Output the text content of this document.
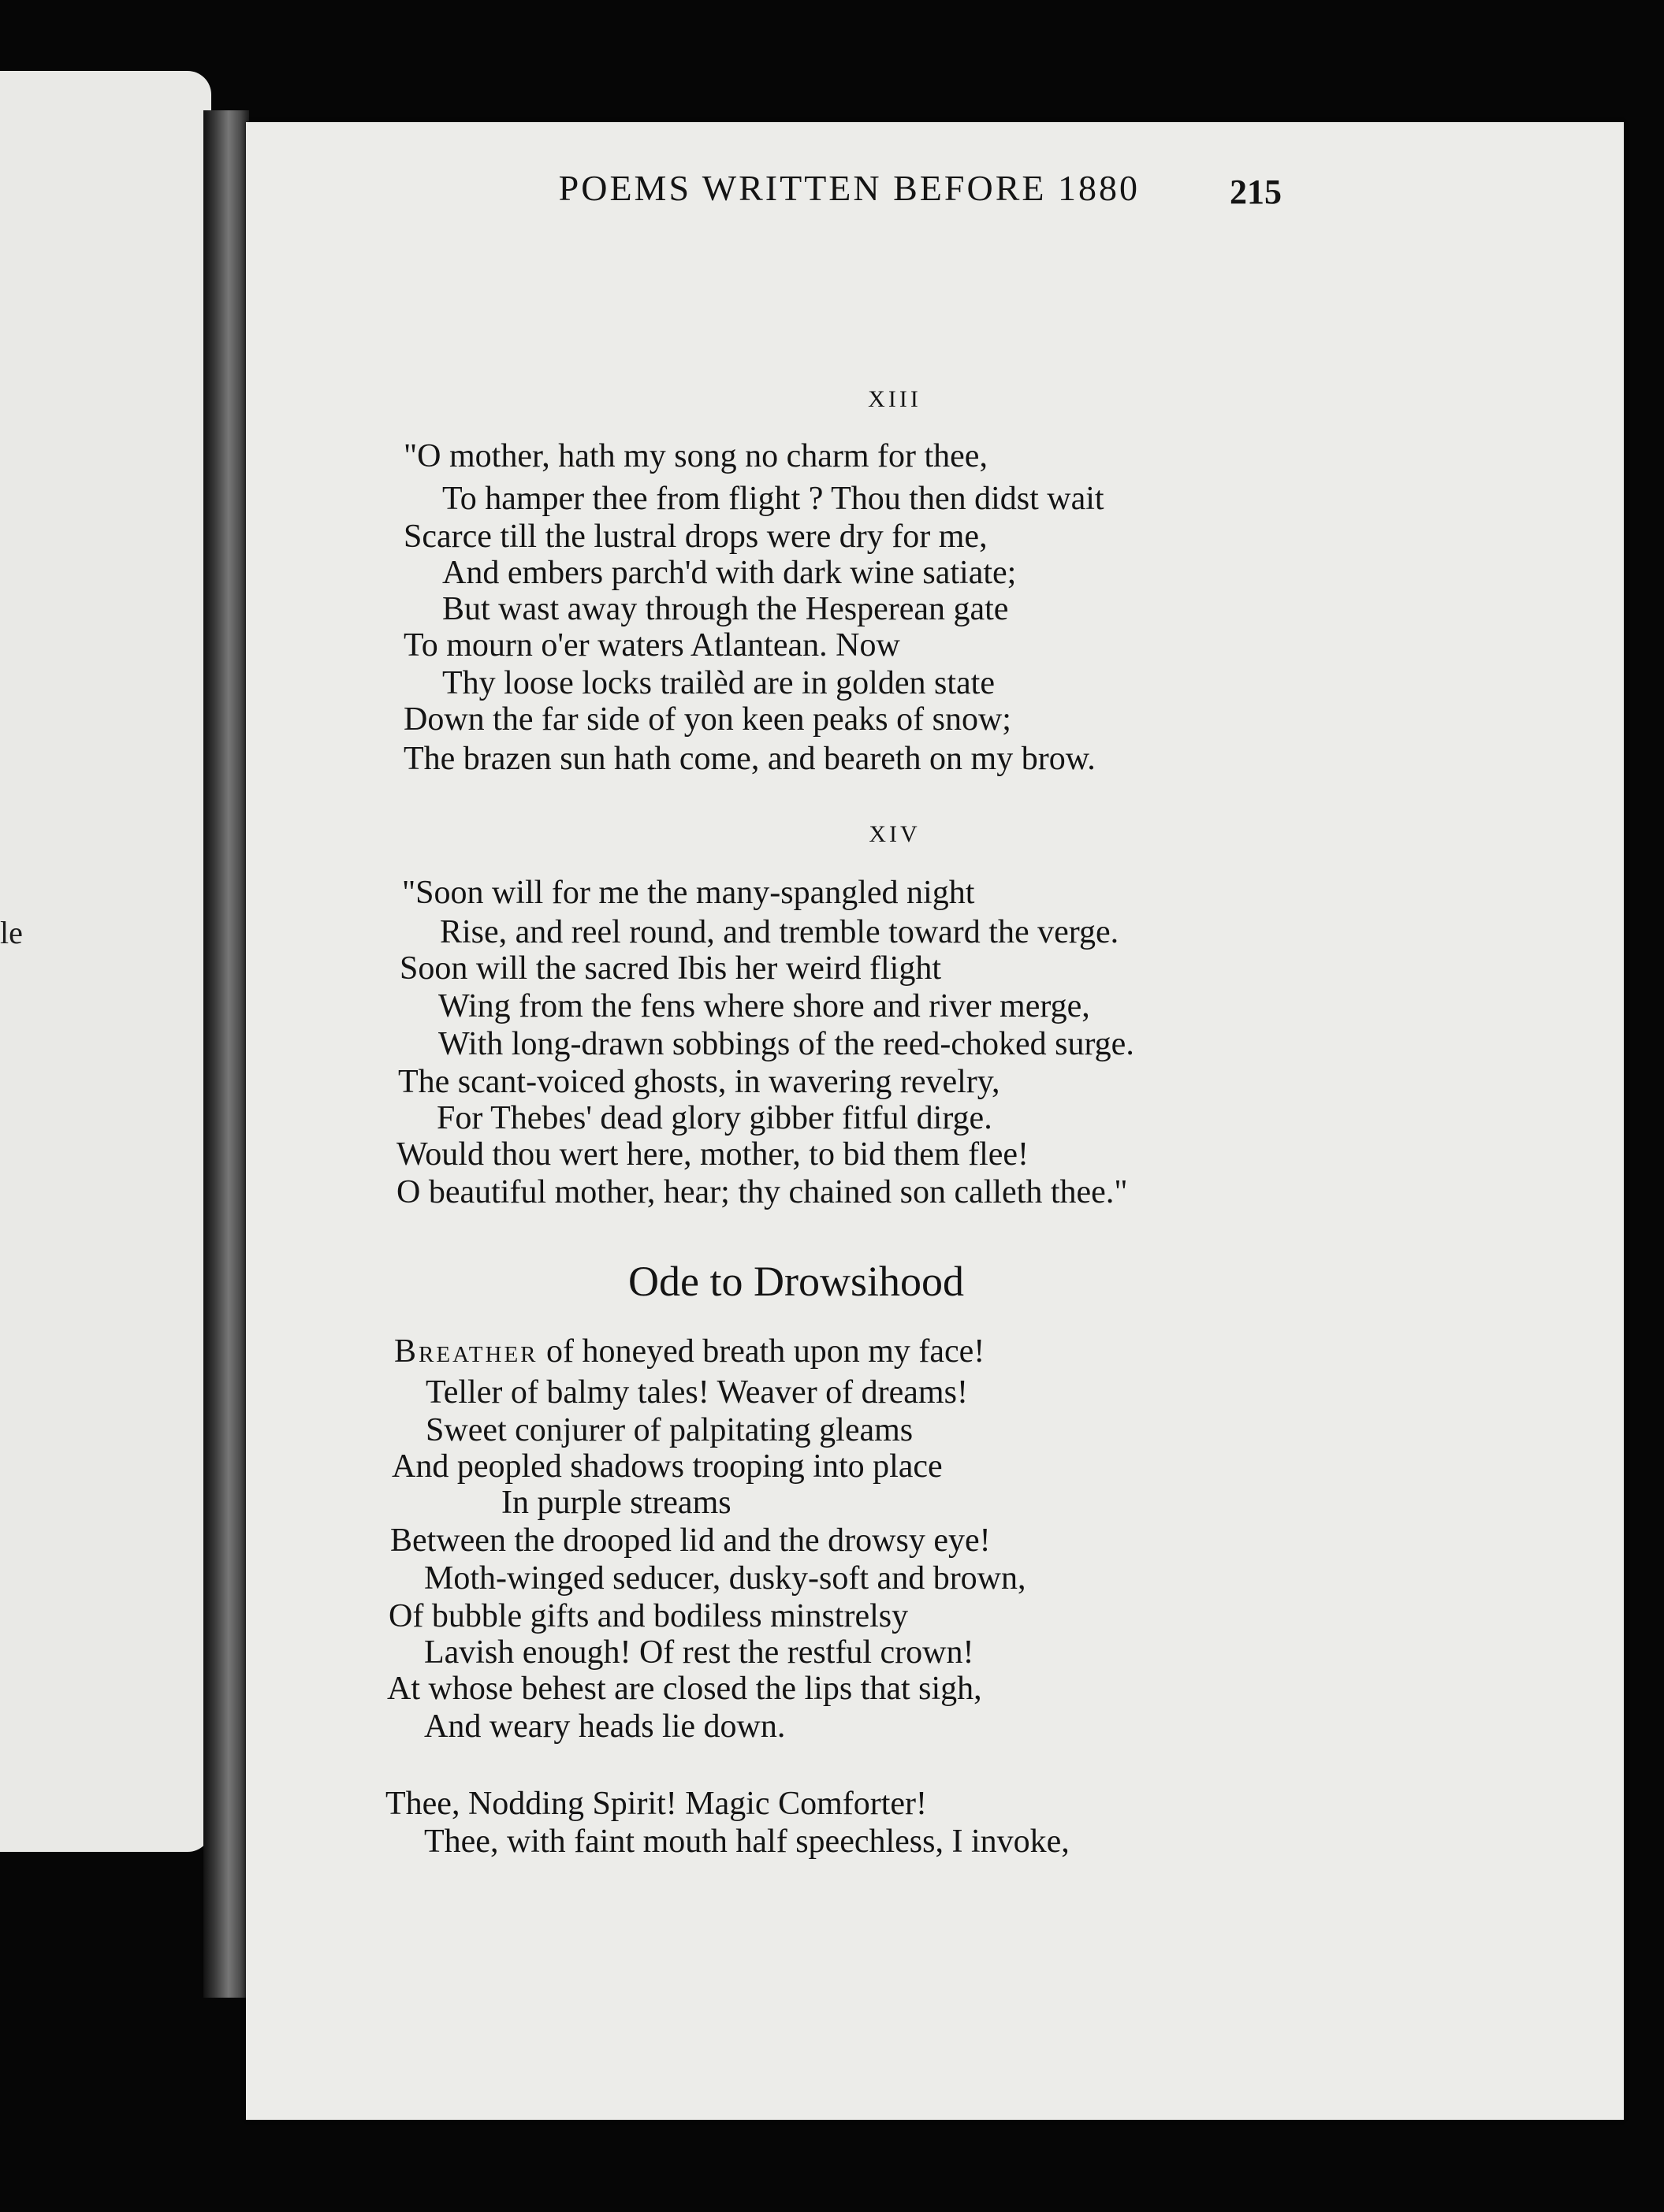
le
POEMS WRITTEN BEFORE 1880	215
XIII
"O mother, hath my song no charm for thee,
To hamper thee from flight ? Thou then didst wait
Scarce till the lustral drops were dry for me,
And embers parch'd with dark wine satiate;
But wast away through the Hesperean gate
To mourn o'er waters Atlantean. Now
Thy loose locks trailèd are in golden state
Down the far side of yon keen peaks of snow;
The brazen sun hath come, and beareth on my brow.
XIV
"Soon will for me the many-spangled night
Rise, and reel round, and tremble toward the verge.
Soon will the sacred Ibis her weird flight
Wing from the fens where shore and river merge,
With long-drawn sobbings of the reed-choked surge.
The scant-voiced ghosts, in wavering revelry,
For Thebes' dead glory gibber fitful dirge.
Would thou wert here, mother, to bid them flee!
O beautiful mother, hear; thy chained son calleth thee."
Ode to Drowsihood
Breather of honeyed breath upon my face!
Teller of balmy tales! Weaver of dreams!
Sweet conjurer of palpitating gleams
And peopled shadows trooping into place
In purple streams
Between the drooped lid and the drowsy eye!
Moth-winged seducer, dusky-soft and brown,
Of bubble gifts and bodiless minstrelsy
Lavish enough! Of rest the restful crown!
At whose behest are closed the lips that sigh,
And weary heads lie down.
Thee, Nodding Spirit! Magic Comforter!
Thee, with faint mouth half speechless, I invoke,
